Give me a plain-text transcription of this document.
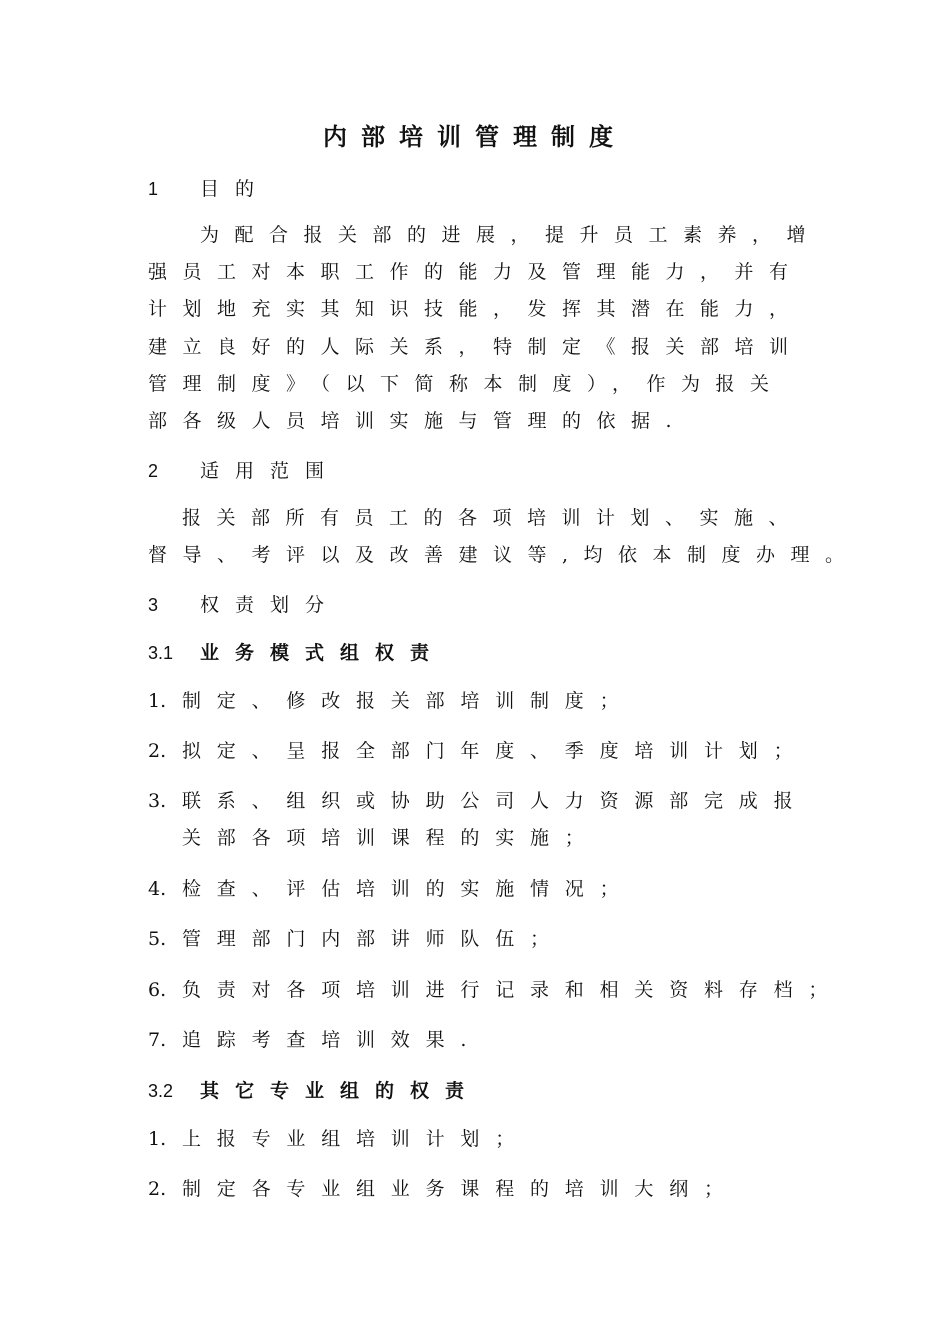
内部培训管理制度
1 目的
为配合报关部的进展，提升员工素养，增
强员工对本职工作的能力及管理能力，并有
计划地充实其知识技能，发挥其潜在能力，
建立良好的人际关系，特制定《报关部培训
管理制度》（以下简称本制度），作为报关
部各级人员培训实施与管理的依据.
2 适用范围
报关部所有员工的各项培训计划、实施、
督导、考评以及改善建议等,均依本制度办理。
3 权责划分
3.1 业务模式组权责
1. 制定、修改报关部培训制度；
2. 拟定、呈报全部门年度、季度培训计划；
3. 联系、组织或协助公司人力资源部完成报
关部各项培训课程的实施；
4. 检查、评估培训的实施情况；
5. 管理部门内部讲师队伍；
6. 负责对各项培训进行记录和相关资料存档；
7. 追踪考查培训效果.
3.2 其它专业组的权责
1. 上报专业组培训计划；
2. 制定各专业组业务课程的培训大纲；
